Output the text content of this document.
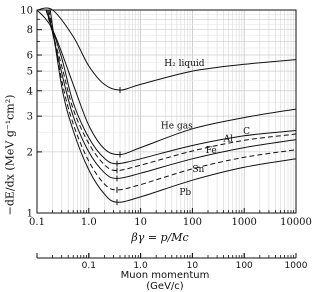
0.1	1.0	10	100	1000 10000
1
2
3
4
5
6
8
10
H₂ liquid
He gas
C
Al
Fe
Sn
Pb
0.1	1.0	10	100	1000
−dE/dx (MeV g⁻¹cm²)
βγ = p/Mc
Muon momentum (GeV/c)
